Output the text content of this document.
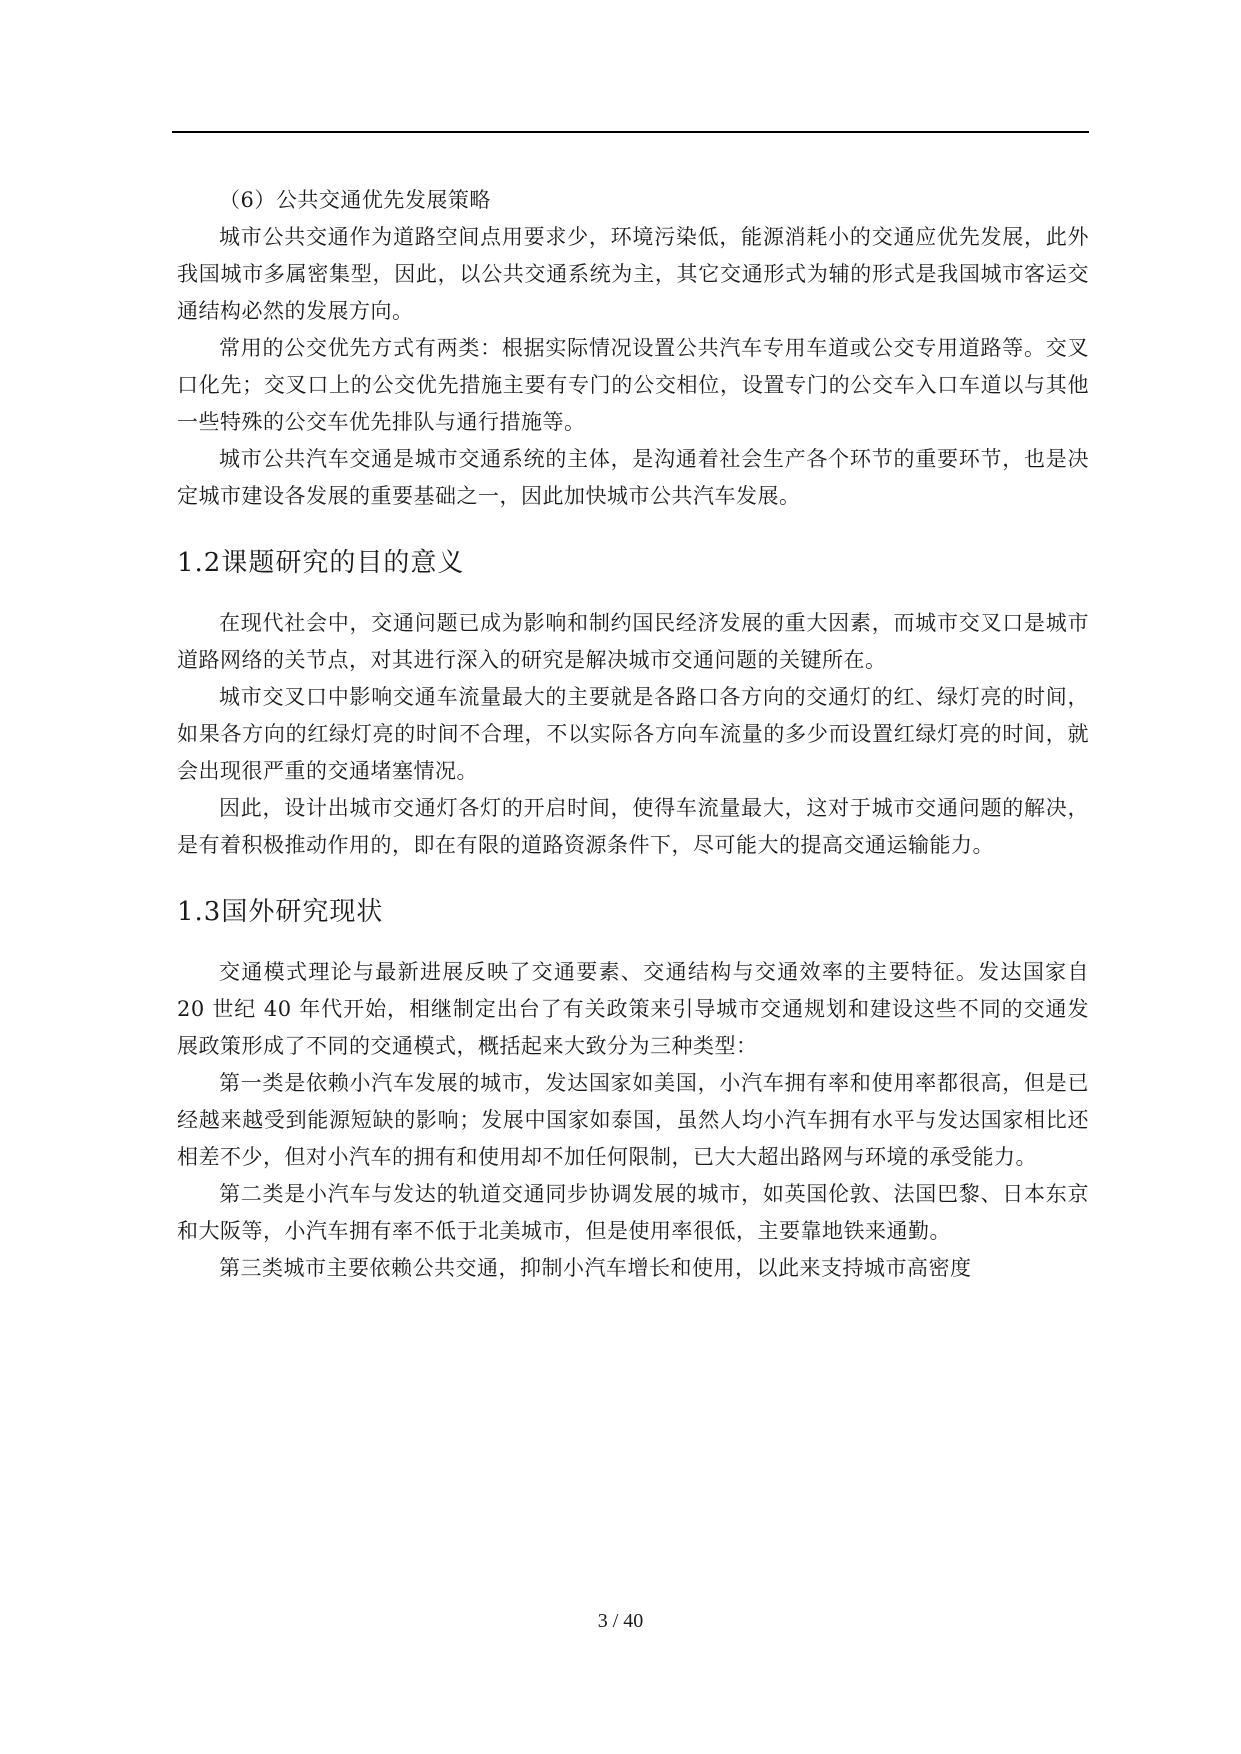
（6）公共交通优先发展策略

城市公共交通作为道路空间点用要求少，环境污染低，能源消耗小的交通应优先发展，此外我国城市多属密集型，因此，以公共交通系统为主，其它交通形式为辅的形式是我国城市客运交通结构必然的发展方向。

常用的公交优先方式有两类：根据实际情况设置公共汽车专用车道或公交专用道路等。交叉口化先；交叉口上的公交优先措施主要有专门的公交相位，设置专门的公交车入口车道以与其他一些特殊的公交车优先排队与通行措施等。

城市公共汽车交通是城市交通系统的主体，是沟通着社会生产各个环节的重要环节，也是决定城市建设各发展的重要基础之一，因此加快城市公共汽车发展。

1.2课题研究的目的意义

在现代社会中，交通问题已成为影响和制约国民经济发展的重大因素，而城市交叉口是城市道路网络的关节点，对其进行深入的研究是解决城市交通问题的关键所在。

城市交叉口中影响交通车流量最大的主要就是各路口各方向的交通灯的红、绿灯亮的时间，如果各方向的红绿灯亮的时间不合理，不以实际各方向车流量的多少而设置红绿灯亮的时间，就会出现很严重的交通堵塞情况。

因此，设计出城市交通灯各灯的开启时间，使得车流量最大，这对于城市交通问题的解决，是有着积极推动作用的，即在有限的道路资源条件下，尽可能大的提高交通运输能力。

1.3国外研究现状

交通模式理论与最新进展反映了交通要素、交通结构与交通效率的主要特征。发达国家自 20 世纪 40 年代开始，相继制定出台了有关政策来引导城市交通规划和建设这些不同的交通发展政策形成了不同的交通模式，概括起来大致分为三种类型：

第一类是依赖小汽车发展的城市，发达国家如美国，小汽车拥有率和使用率都很高，但是已经越来越受到能源短缺的影响；发展中国家如泰国，虽然人均小汽车拥有水平与发达国家相比还相差不少，但对小汽车的拥有和使用却不加任何限制，已大大超出路网与环境的承受能力。

第二类是小汽车与发达的轨道交通同步协调发展的城市，如英国伦敦、法国巴黎、日本东京和大阪等，小汽车拥有率不低于北美城市，但是使用率很低，主要靠地铁来通勤。

第三类城市主要依赖公共交通，抑制小汽车增长和使用，以此来支持城市高密度

3 / 40
